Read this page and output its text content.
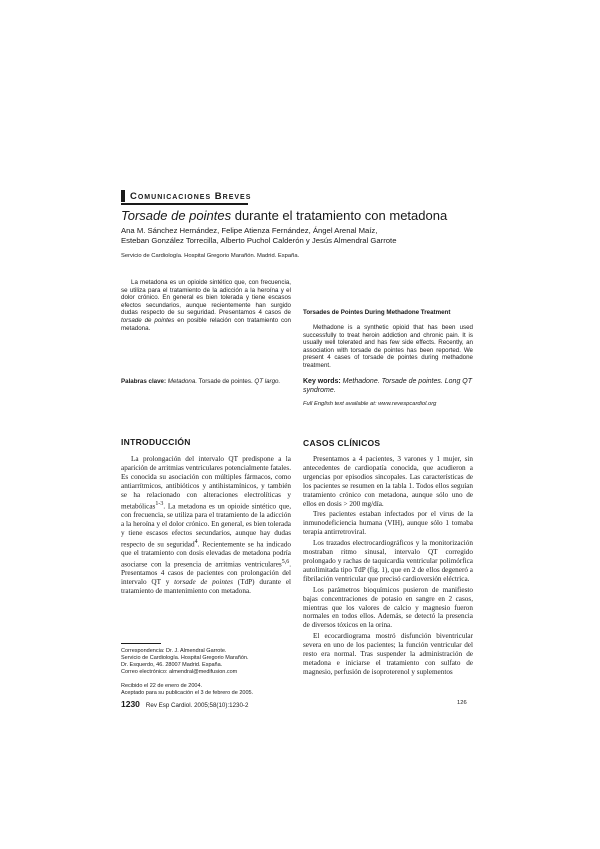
Comunicaciones Breves
Torsade de pointes durante el tratamiento con metadona
Ana M. Sánchez Hernández, Felipe Atienza Fernández, Ángel Arenal Maíz,
Esteban González Torrecilla, Alberto Puchol Calderón y Jesús Almendral Garrote
Servicio de Cardiología. Hospital Gregorio Marañón. Madrid. España.
La metadona es un opioide sintético que, con frecuencia, se utiliza para el tratamiento de la adicción a la heroína y el dolor crónico. En general es bien tolerada y tiene escasos efectos secundarios, aunque recientemente han surgido dudas respecto de su seguridad. Presentamos 4 casos de torsade de pointes en posible relación con tratamiento con metadona.
Palabras clave: Metadona. Torsade de pointes. QT largo.
Torsades de Pointes During Methadone Treatment
Methadone is a synthetic opioid that has been used successfully to treat heroin addiction and chronic pain. It is usually well tolerated and has few side effects. Recently, an association with torsade de pointes has been reported. We present 4 cases of torsade de pointes during methadone treatment.
Key words: Methadone. Torsade de pointes. Long QT syndrome.
Full English text available at: www.revespcardiol.org
INTRODUCCIÓN	CASOS CLÍNICOS

La prolongación del intervalo QT predispone a la aparición de arritmias ventriculares potencialmente fatales. Es conocida su asociación con múltiples fármacos, como antiarrítmicos, antibióticos y antihistamínicos, y también se ha relacionado con alteraciones electrolíticas y metabólicas$^{1-3}$. La metadona es un opioide sintético que, con frecuencia, se utiliza para el tratamiento de la adicción a la heroína y el dolor crónico. En general, es bien tolerada y tiene escasos efectos secundarios, aunque hay dudas respecto de su seguridad$^4$. Recientemente se ha indicado que el tratamiento con dosis elevadas de metadona podría asociarse con la presencia de arritmias ventriculares$^{5,6}$. Presentamos 4 casos de pacientes con prolongación del intervalo QT y torsade de pointes (TdP) durante el tratamiento de mantenimiento con metadona.

Presentamos a 4 pacientes, 3 varones y 1 mujer, sin antecedentes de cardiopatía conocida, que acudieron a urgencias por episodios sincopales. Las características de los pacientes se resumen en la tabla 1. Todos ellos seguían tratamiento crónico con metadona, aunque sólo uno de ellos en dosis > 200 mg/día.

Tres pacientes estaban infectados por el virus de la inmunodeficiencia humana (VIH), aunque sólo 1 tomaba terapia antirretroviral.

Los trazados electrocardiográficos y la monitorización mostraban ritmo sinusal, intervalo QT corregido prolongado y rachas de taquicardia ventricular polimórfica autolimitada tipo TdP (fig. 1), que en 2 de ellos degeneró a fibrilación ventricular que precisó cardioversión eléctrica.

Los parámetros bioquímicos pusieron de manifiesto bajas concentraciones de potasio en sangre en 2 casos, mientras que los valores de calcio y magnesio fueron normales en todos ellos. Además, se detectó la presencia de diversos tóxicos en la orina.

El ecocardiograma mostró disfunción biventricular severa en uno de los pacientes; la función ventricular del resto era normal. Tras suspender la administración de metadona e iniciarse el tratamiento con sulfato de magnesio, perfusión de isoproterenol y suplementos

Correspondencia: Dr. J. Almendral Garrote.
Servicio de Cardiología. Hospital Gregorio Marañón.
Dr. Esquerdo, 46. 28007 Madrid. España.
Correo electrónico: almendral@medifusion.com
Recibido el 22 de enero de 2004.
Aceptado para su publicación el 3 de febrero de 2005.
1230 Rev Esp Cardiol. 2005;58(10):1230-2	126
